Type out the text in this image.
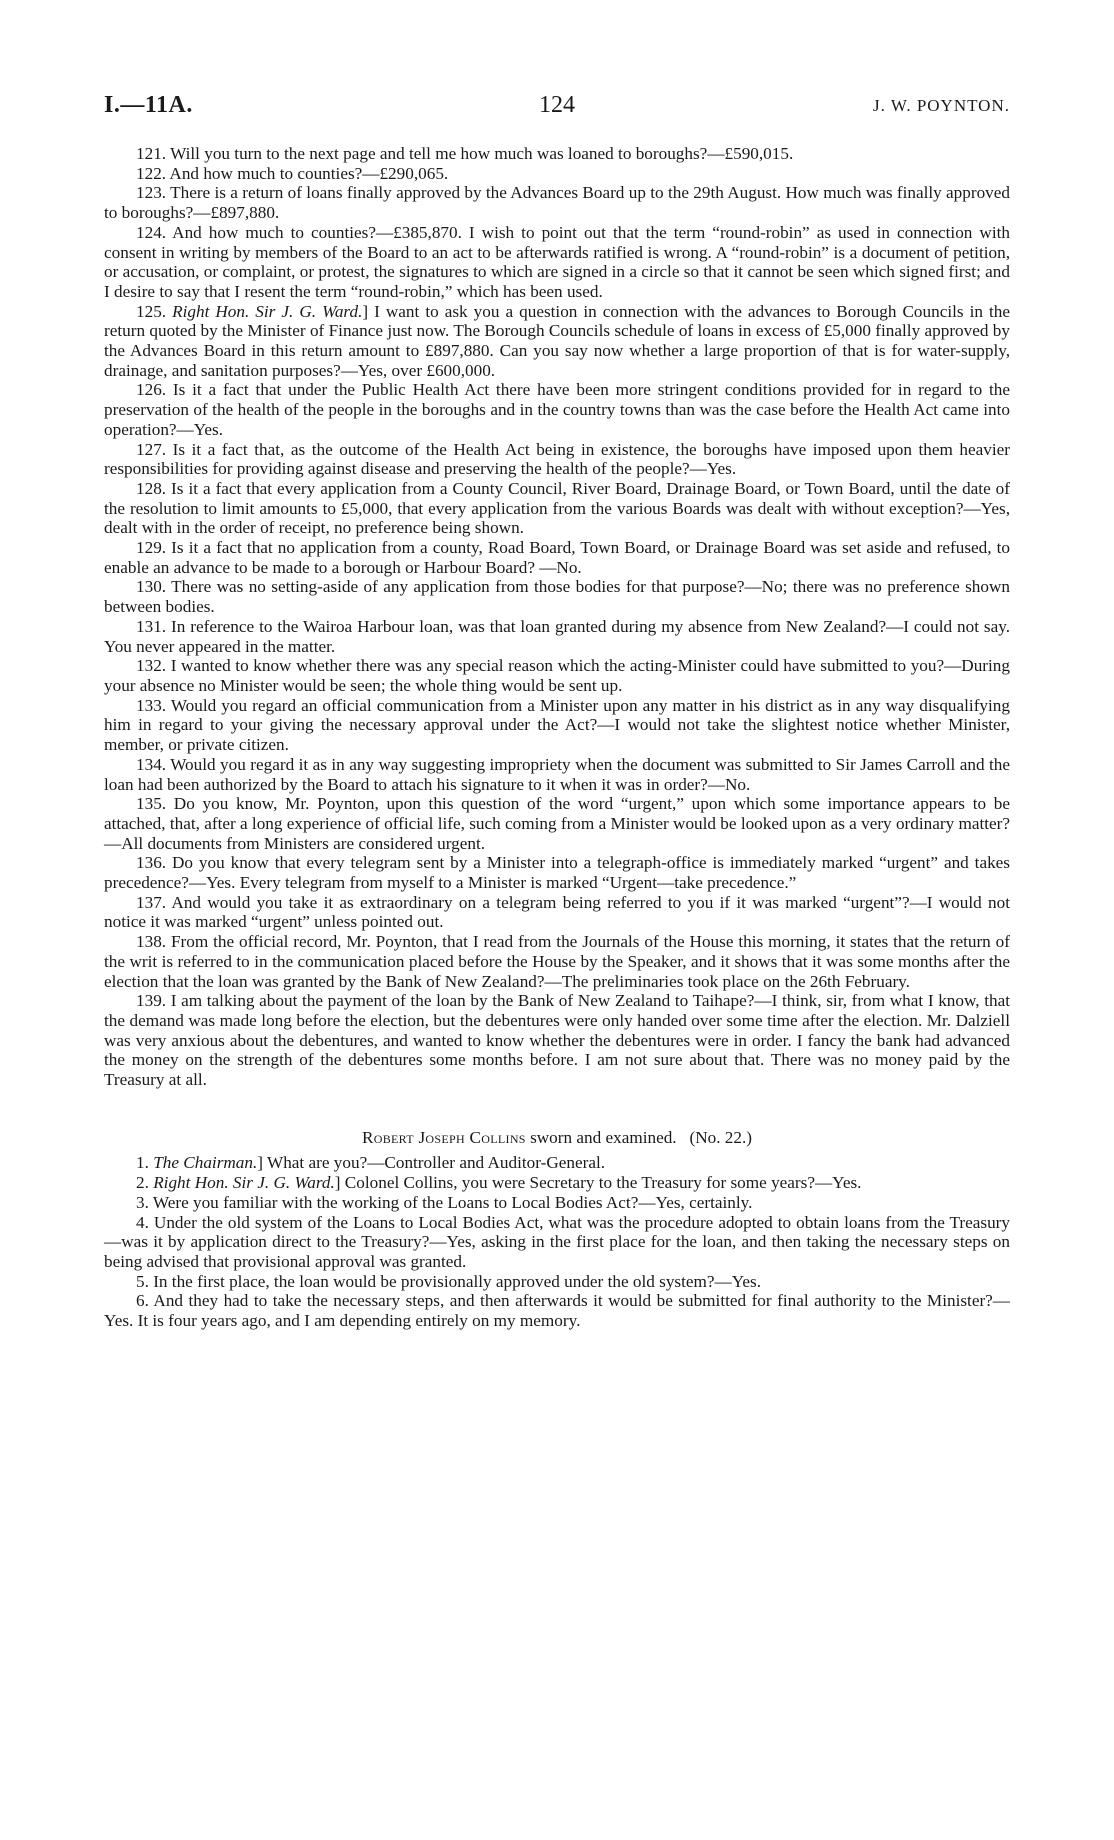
I.—11A.	124	J. W. POYNTON.

121. Will you turn to the next page and tell me how much was loaned to boroughs?—£590,015.

122. And how much to counties?—£290,065.

123. There is a return of loans finally approved by the Advances Board up to the 29th August. How much was finally approved to boroughs?—£897,880.

124. And how much to counties?—£385,870. I wish to point out that the term “round-robin” as used in connection with consent in writing by members of the Board to an act to be afterwards ratified is wrong. A “round-robin” is a document of petition, or accusation, or complaint, or protest, the signatures to which are signed in a circle so that it cannot be seen which signed first; and I desire to say that I resent the term “round-robin,” which has been used.

125. Right Hon. Sir J. G. Ward.] I want to ask you a question in connection with the advances to Borough Councils in the return quoted by the Minister of Finance just now. The Borough Councils schedule of loans in excess of £5,000 finally approved by the Advances Board in this return amount to £897,880. Can you say now whether a large proportion of that is for water-supply, drainage, and sanitation purposes?—Yes, over £600,000.

126. Is it a fact that under the Public Health Act there have been more stringent conditions provided for in regard to the preservation of the health of the people in the boroughs and in the country towns than was the case before the Health Act came into operation?—Yes.

127. Is it a fact that, as the outcome of the Health Act being in existence, the boroughs have imposed upon them heavier responsibilities for providing against disease and preserving the health of the people?—Yes.

128. Is it a fact that every application from a County Council, River Board, Drainage Board, or Town Board, until the date of the resolution to limit amounts to £5,000, that every application from the various Boards was dealt with without exception?—Yes, dealt with in the order of receipt, no preference being shown.

129. Is it a fact that no application from a county, Road Board, Town Board, or Drainage Board was set aside and refused, to enable an advance to be made to a borough or Harbour Board? —No.

130. There was no setting-aside of any application from those bodies for that purpose?—No; there was no preference shown between bodies.

131. In reference to the Wairoa Harbour loan, was that loan granted during my absence from New Zealand?—I could not say. You never appeared in the matter.

132. I wanted to know whether there was any special reason which the acting-Minister could have submitted to you?—During your absence no Minister would be seen; the whole thing would be sent up.

133. Would you regard an official communication from a Minister upon any matter in his district as in any way disqualifying him in regard to your giving the necessary approval under the Act?—I would not take the slightest notice whether Minister, member, or private citizen.

134. Would you regard it as in any way suggesting impropriety when the document was submitted to Sir James Carroll and the loan had been authorized by the Board to attach his signature to it when it was in order?—No.

135. Do you know, Mr. Poynton, upon this question of the word “urgent,” upon which some importance appears to be attached, that, after a long experience of official life, such coming from a Minister would be looked upon as a very ordinary matter?—All documents from Ministers are considered urgent.

136. Do you know that every telegram sent by a Minister into a telegraph-office is immediately marked “urgent” and takes precedence?—Yes. Every telegram from myself to a Minister is marked “Urgent—take precedence.”

137. And would you take it as extraordinary on a telegram being referred to you if it was marked “urgent”?—I would not notice it was marked “urgent” unless pointed out.

138. From the official record, Mr. Poynton, that I read from the Journals of the House this morning, it states that the return of the writ is referred to in the communication placed before the House by the Speaker, and it shows that it was some months after the election that the loan was granted by the Bank of New Zealand?—The preliminaries took place on the 26th February.

139. I am talking about the payment of the loan by the Bank of New Zealand to Taihape?—I think, sir, from what I know, that the demand was made long before the election, but the debentures were only handed over some time after the election. Mr. Dalziell was very anxious about the debentures, and wanted to know whether the debentures were in order. I fancy the bank had advanced the money on the strength of the debentures some months before. I am not sure about that. There was no money paid by the Treasury at all.

Robert Joseph Collins sworn and examined. (No. 22.)

1. The Chairman.] What are you?—Controller and Auditor-General.

2. Right Hon. Sir J. G. Ward.] Colonel Collins, you were Secretary to the Treasury for some years?—Yes.

3. Were you familiar with the working of the Loans to Local Bodies Act?—Yes, certainly.

4. Under the old system of the Loans to Local Bodies Act, what was the procedure adopted to obtain loans from the Treasury—was it by application direct to the Treasury?—Yes, asking in the first place for the loan, and then taking the necessary steps on being advised that provisional approval was granted.

5. In the first place, the loan would be provisionally approved under the old system?—Yes.

6. And they had to take the necessary steps, and then afterwards it would be submitted for final authority to the Minister?—Yes. It is four years ago, and I am depending entirely on my memory.
